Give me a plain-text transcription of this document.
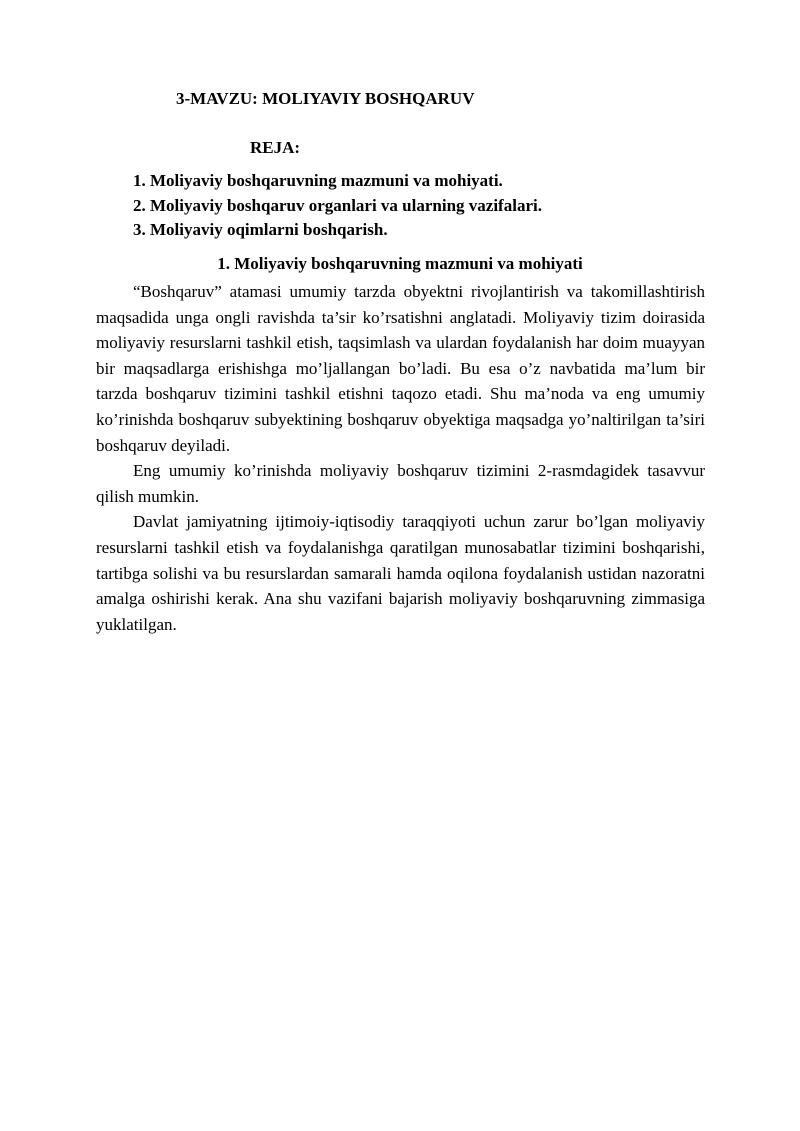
3-MAVZU: MOLIYAVIY BOSHQARUV
REJA:
1. Moliyaviy boshqaruvning mazmuni va mohiyati.
2. Moliyaviy boshqaruv organlari va ularning vazifalari.
3. Moliyaviy oqimlarni boshqarish.
1. Moliyaviy boshqaruvning mazmuni va mohiyati

“Boshqaruv” atamasi umumiy tarzda obyektni rivojlantirish va takomillashtirish maqsadida unga ongli ravishda ta’sir ko’rsatishni anglatadi. Moliyaviy tizim doirasida moliyaviy resurslarni tashkil etish, taqsimlash va ulardan foydalanish har doim muayyan bir maqsadlarga erishishga mo’ljallangan bo’ladi. Bu esa o’z navbatida ma’lum bir tarzda boshqaruv tizimini tashkil etishni taqozo etadi. Shu ma’noda va eng umumiy ko’rinishda boshqaruv subyektining boshqaruv obyektiga maqsadga yo’naltirilgan ta’siri boshqaruv deyiladi.

Eng umumiy ko’rinishda moliyaviy boshqaruv tizimini 2-rasmdagidek tasavvur qilish mumkin.

Davlat jamiyatning ijtimoiy-iqtisodiy taraqqiyoti uchun zarur bo’lgan moliyaviy resurslarni tashkil etish va foydalanishga qaratilgan munosabatlar tizimini boshqarishi, tartibga solishi va bu resurslardan samarali hamda oqilona foydalanish ustidan nazoratni amalga oshirishi kerak. Ana shu vazifani bajarish moliyaviy boshqaruvning zimmasiga yuklatilgan.
